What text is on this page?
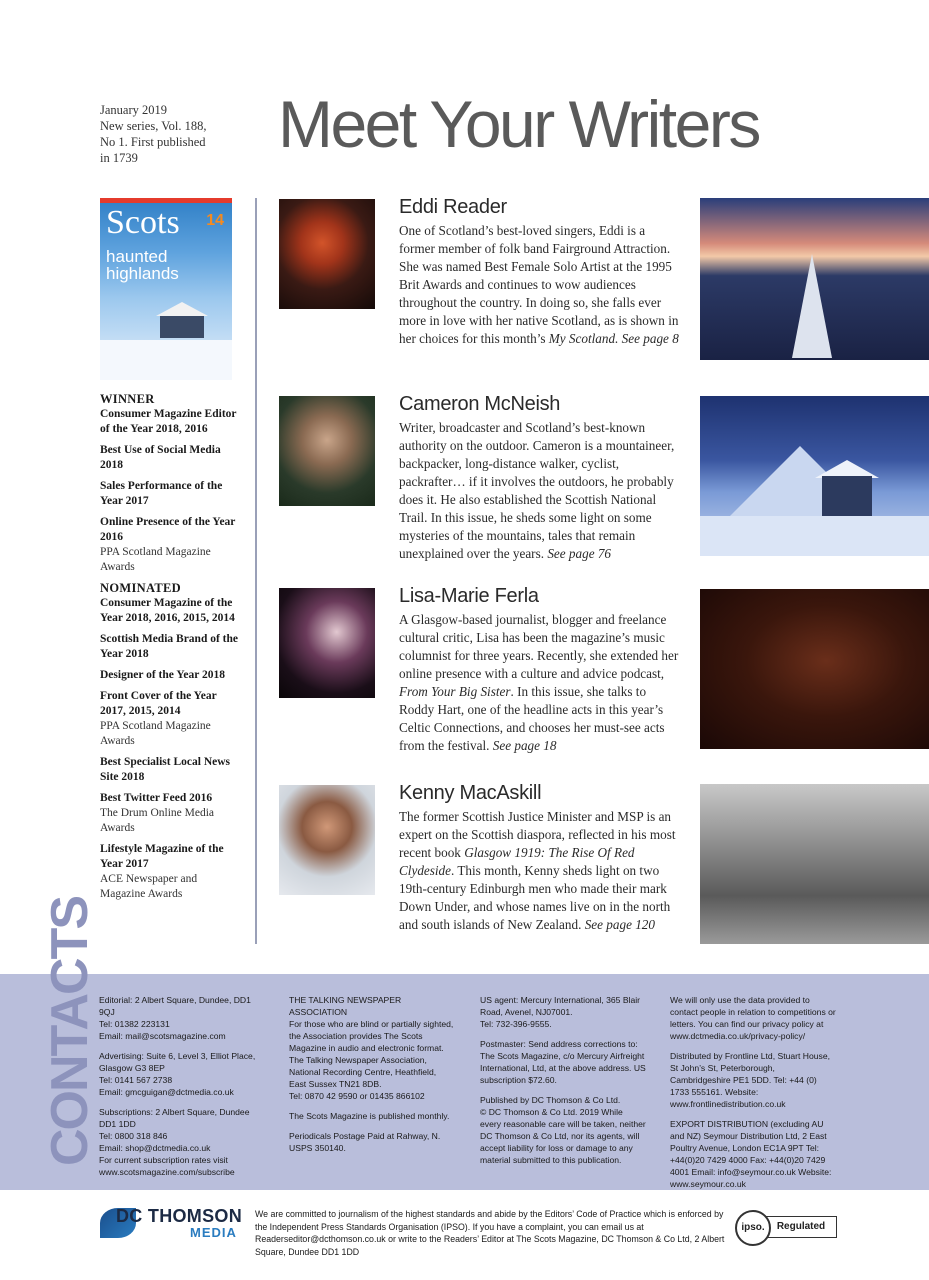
January 2019
New series, Vol. 188,
No 1. First published
in 1739	Meet Your Writers
Scots 14
haunted
highlands
WINNER
Consumer Magazine Editor of the Year 2018, 2016
Best Use of Social Media 2018
Sales Performance of the Year 2017
Online Presence of the Year 2016
PPA Scotland Magazine Awards
NOMINATED
Consumer Magazine of the Year 2018, 2016, 2015, 2014
Scottish Media Brand of the Year 2018
Designer of the Year 2018
Front Cover of the Year 2017, 2015, 2014
PPA Scotland Magazine Awards
Best Specialist Local News Site 2018
Best Twitter Feed 2016
The Drum Online Media Awards
Lifestyle Magazine of the Year 2017
ACE Newspaper and Magazine Awards
Eddi Reader
One of Scotland’s best-loved singers, Eddi is a former member of folk band Fairground Attraction. She was named Best Female Solo Artist at the 1995 Brit Awards and continues to wow audiences throughout the country. In doing so, she falls ever more in love with her native Scotland, as is shown in her choices for this month’s My Scotland. See page 8
Cameron McNeish
Writer, broadcaster and Scotland’s best-known authority on the outdoor. Cameron is a mountaineer, backpacker, long-distance walker, cyclist, packrafter… if it involves the outdoors, he probably does it. He also established the Scottish National Trail. In this issue, he sheds some light on some mysteries of the mountains, tales that remain unexplained over the years. See page 76
Lisa-Marie Ferla
A Glasgow-based journalist, blogger and freelance cultural critic, Lisa has been the magazine’s music columnist for three years. Recently, she extended her online presence with a culture and advice podcast, From Your Big Sister. In this issue, she talks to Roddy Hart, one of the headline acts in this year’s Celtic Connections, and chooses her must-see acts from the festival. See page 18
Kenny MacAskill
The former Scottish Justice Minister and MSP is an expert on the Scottish diaspora, reflected in his most recent book Glasgow 1919: The Rise Of Red Clydeside. This month, Kenny sheds light on two 19th-century Edinburgh men who made their mark Down Under, and whose names live on in the north and south islands of New Zealand. See page 120
CONTACTS Editorial: 2 Albert Square, Dundee, DD1 9QJ
Tel: 01382 223131
Email: mail@scotsmagazine.com

Advertising: Suite 6, Level 3, Elliot Place, Glasgow G3 8EP
Tel: 0141 567 2738
Email: gmcguigan@dctmedia.co.uk

Subscriptions: 2 Albert Square, Dundee DD1 1DD
Tel: 0800 318 846
Email: shop@dctmedia.co.uk
For current subscription rates visit www.scotsmagazine.com/subscribe

THE TALKING NEWSPAPER ASSOCIATION
For those who are blind or partially sighted, the Association provides The Scots Magazine in audio and electronic format.
The Talking Newspaper Association, National Recording Centre, Heathfield, East Sussex TN21 8DB.
Tel: 0870 42 9590 or 01435 866102

The Scots Magazine is published monthly.

Periodicals Postage Paid at Rahway, N. USPS 350140.

US agent: Mercury International, 365 Blair Road, Avenel, NJ07001.
Tel: 732-396-9555.

Postmaster: Send address corrections to: The Scots Magazine, c/o Mercury Airfreight International, Ltd, at the above address. US subscription $72.60.

Published by DC Thomson & Co Ltd.
© DC Thomson & Co Ltd. 2019 While every reasonable care will be taken, neither DC Thomson & Co Ltd, nor its agents, will accept liability for loss or damage to any material submitted to this publication.

We will only use the data provided to contact people in relation to competitions or letters. You can find our privacy policy at www.dctmedia.co.uk/privacy-policy/

Distributed by Frontline Ltd, Stuart House, St John’s St, Peterborough, Cambridgeshire PE1 5DD. Tel: +44 (0) 1733 555161. Website: www.frontlinedistribution.co.uk

EXPORT DISTRIBUTION (excluding AU and NZ) Seymour Distribution Ltd, 2 East Poultry Avenue, London EC1A 9PT Tel: +44(0)20 7429 4000 Fax: +44(0)20 7429 4001 Email: info@seymour.co.uk Website: www.seymour.co.uk

DC THOMSON
MEDIA
We are committed to journalism of the highest standards and abide by the Editors’ Code of Practice which is enforced by the Independent Press Standards Organisation (IPSO). If you have a complaint, you can email us at Readerseditor@dcthomson.co.uk or write to the Readers’ Editor at The Scots Magazine, DC Thomson & Co Ltd, 2 Albert Square, Dundee DD1 1DD
Regulated
ipso.
